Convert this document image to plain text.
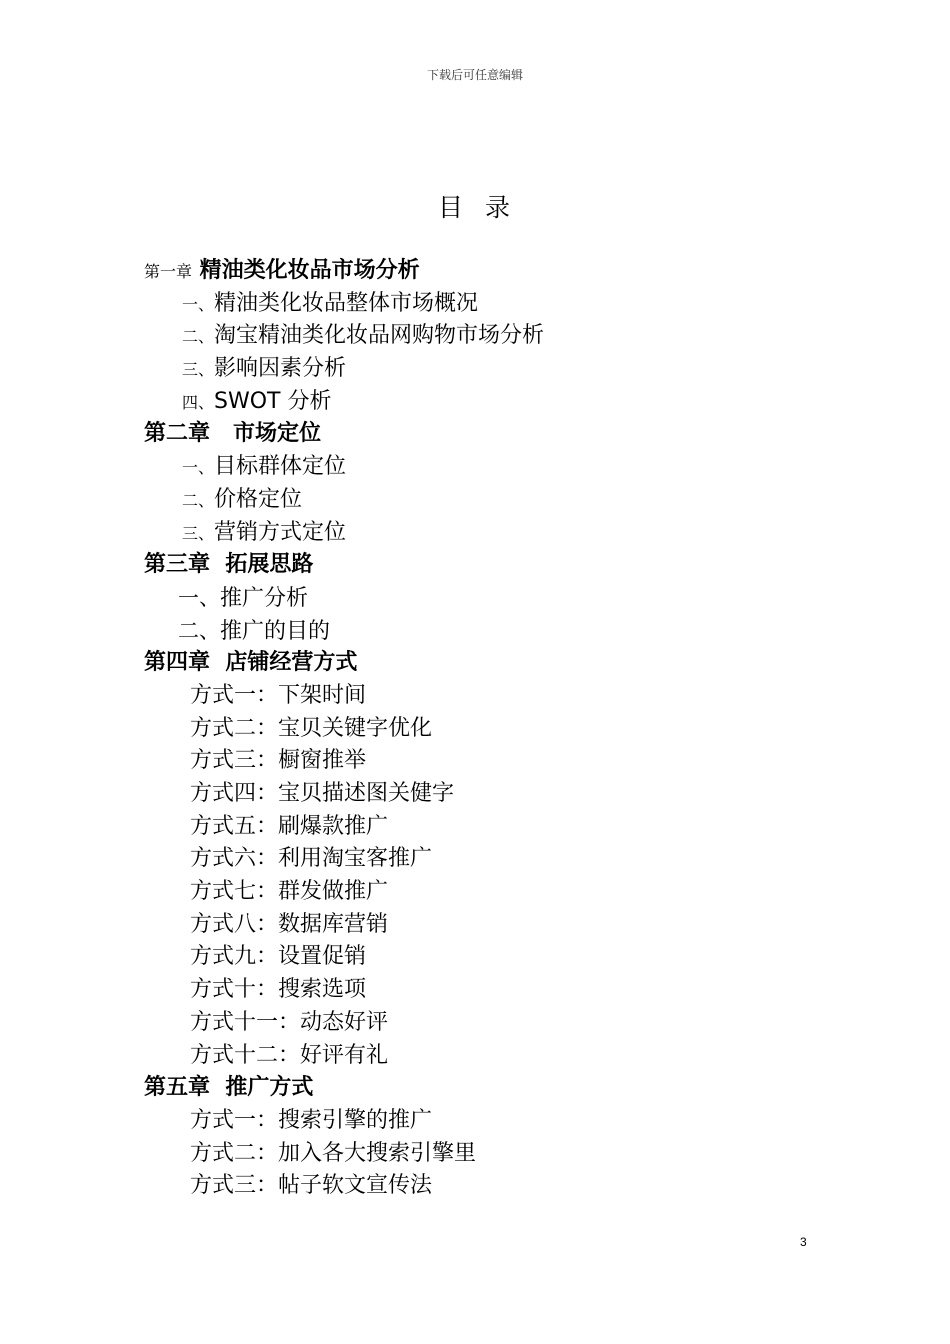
下载后可任意编辑
目 录
第一章 精油类化妆品市场分析
一、精油类化妆品整体市场概况
二、淘宝精油类化妆品网购物市场分析
三、影响因素分析
四、SWOT 分析
第二章   市场定位
一、目标群体定位
二、价格定位
三、营销方式定位
第三章  拓展思路
一、推广分析
二、推广的目的
第四章  店铺经营方式
方式一：下架时间
方式二：宝贝关键字优化
方式三：橱窗推举
方式四：宝贝描述图关健字
方式五：刷爆款推广
方式六：利用淘宝客推广
方式七：群发做推广
方式八：数据库营销
方式九：设置促销
方式十：搜索选项
方式十一：动态好评
方式十二：好评有礼
第五章  推广方式
方式一：搜索引擎的推广
方式二：加入各大搜索引擎里
方式三：帖子软文宣传法
3
